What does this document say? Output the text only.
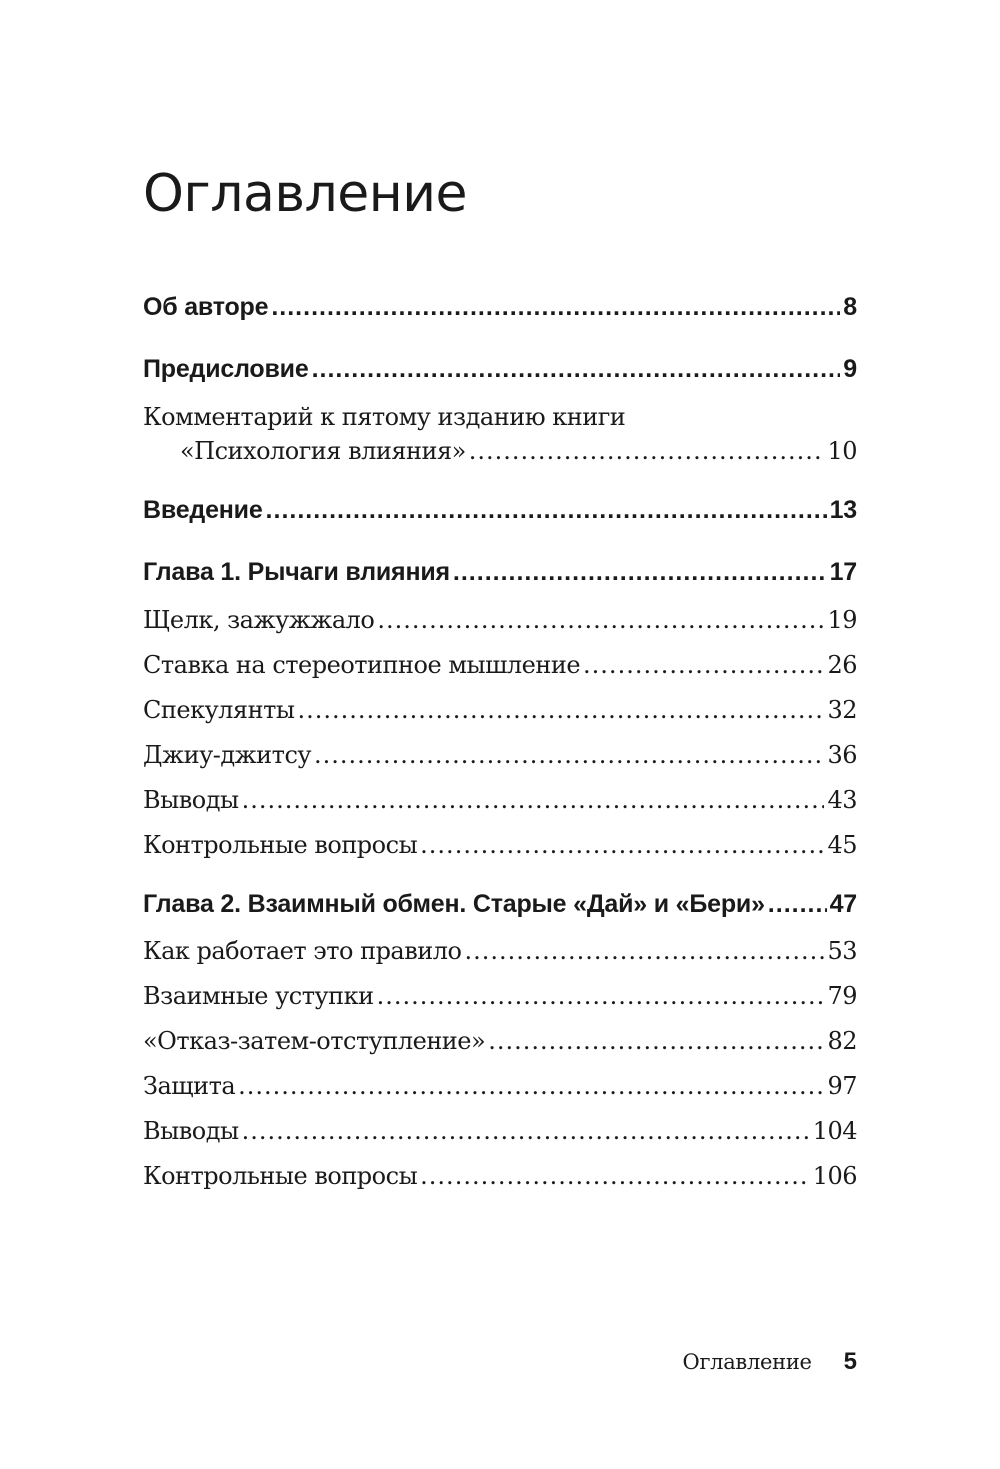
Оглавление
Об авторе .....	8
Предисловие .....	9
Комментарий к пятому изданию книги
«Психология влияния» .....	10
Введение .....	13
Глава 1. Рычаги влияния .....	17
Щелк, зажужжало .....	19
Ставка на стереотипное мышление .....	26
Спекулянты .....	32
Джиу-джитсу .....	36
Выводы .....	43
Контрольные вопросы .....	45
Глава 2. Взаимный обмен. Старые «Дай» и «Бери» .....	47
Как работает это правило .....	53
Взаимные уступки .....	79
«Отказ-затем-отступление» .....	82
Защита .....	97
Выводы .....	104
Контрольные вопросы .....	106
Оглавление 5
